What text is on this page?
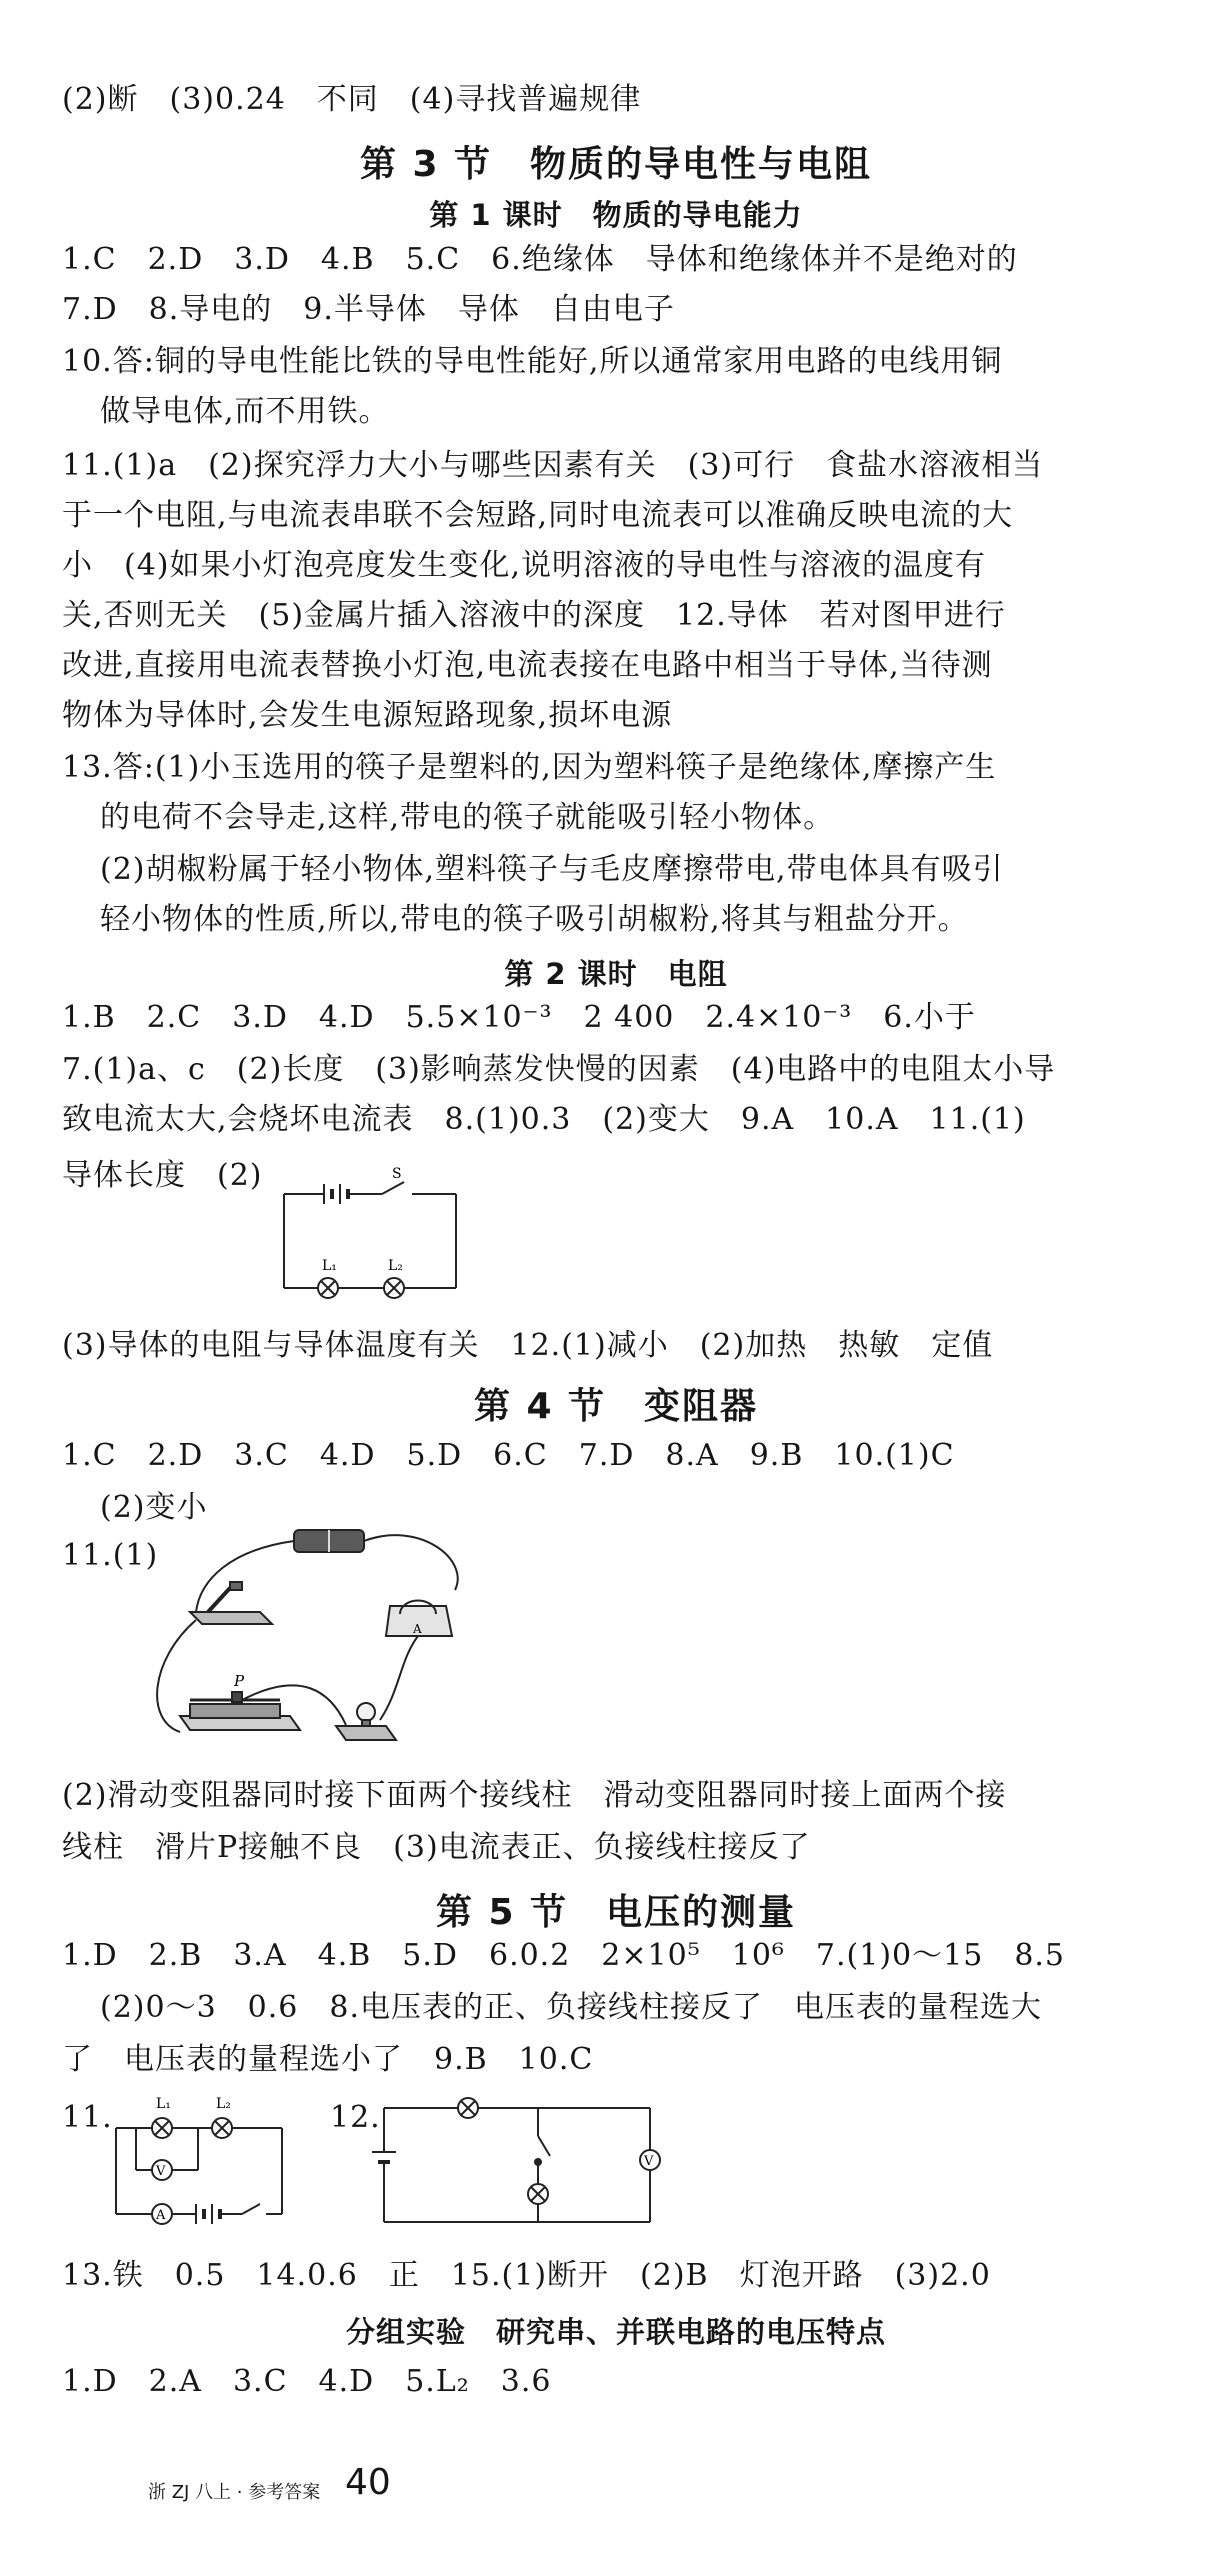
(2)断　(3)0.24　不同　(4)寻找普遍规律
第 3 节　物质的导电性与电阻
第 1 课时　物质的导电能力
1.C　2.D　3.D　4.B　5.C　6.绝缘体　导体和绝缘体并不是绝对的
7.D　8.导电的　9.半导体　导体　自由电子
10.答:铜的导电性能比铁的导电性能好,所以通常家用电路的电线用铜
做导电体,而不用铁。
11.(1)a　(2)探究浮力大小与哪些因素有关　(3)可行　食盐水溶液相当
于一个电阻,与电流表串联不会短路,同时电流表可以准确反映电流的大
小　(4)如果小灯泡亮度发生变化,说明溶液的导电性与溶液的温度有
关,否则无关　(5)金属片插入溶液中的深度　12.导体　若对图甲进行
改进,直接用电流表替换小灯泡,电流表接在电路中相当于导体,当待测
物体为导体时,会发生电源短路现象,损坏电源
13.答:(1)小玉选用的筷子是塑料的,因为塑料筷子是绝缘体,摩擦产生
的电荷不会导走,这样,带电的筷子就能吸引轻小物体。
(2)胡椒粉属于轻小物体,塑料筷子与毛皮摩擦带电,带电体具有吸引
轻小物体的性质,所以,带电的筷子吸引胡椒粉,将其与粗盐分开。
第 2 课时　电阻
1.B　2.C　3.D　4.D　5.5×10⁻³　2 400　2.4×10⁻³　6.小于
7.(1)a、c　(2)长度　(3)影响蒸发快慢的因素　(4)电路中的电阻太小导
致电流太大,会烧坏电流表　8.(1)0.3　(2)变大　9.A　10.A　11.(1)
导体长度　(2)	S
L₁	L₂
(3)导体的电阻与导体温度有关　12.(1)减小　(2)加热　热敏　定值
第 4 节　变阻器
1.C　2.D　3.C　4.D　5.D　6.C　7.D　8.A　9.B　10.(1)C
(2)变小
11.(1)
A
P
(2)滑动变阻器同时接下面两个接线柱　滑动变阻器同时接上面两个接
线柱　滑片P接触不良　(3)电流表正、负接线柱接反了
第 5 节　电压的测量
1.D　2.B　3.A　4.B　5.D　6.0.2　2×10⁵　10⁶　7.(1)0～15　8.5
(2)0～3　0.6　8.电压表的正、负接线柱接反了　电压表的量程选大
了　电压表的量程选小了　9.B　10.C
11.	12.
L₁	L₂
V
A
V
13.铁　0.5　14.0.6　正　15.(1)断开　(2)B　灯泡开路　(3)2.0
分组实验　研究串、并联电路的电压特点
1.D　2.A　3.C　4.D　5.L₂　3.6
浙 ZJ 八上 · 参考答案 40
